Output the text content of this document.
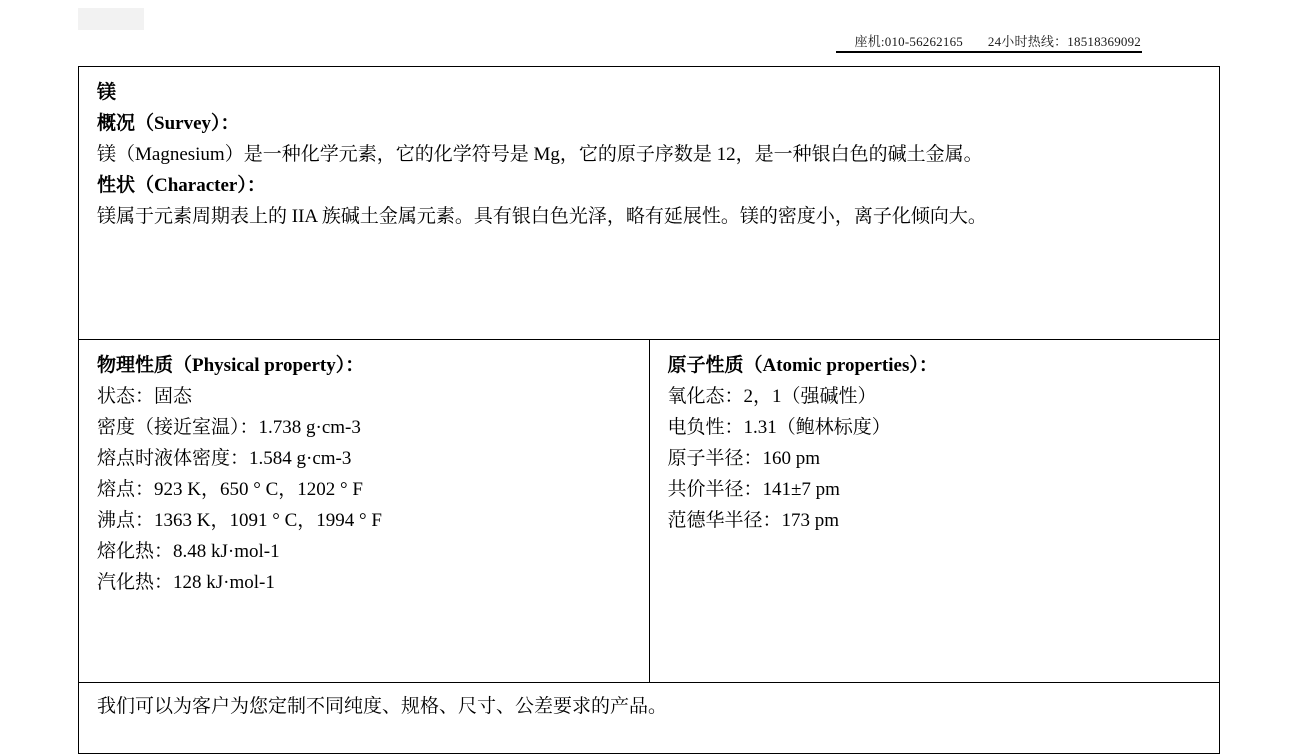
座机:010-56262165 24小时热线：18518369092
镁
概况（Survey）：
镁（Magnesium）是一种化学元素，它的化学符号是 Mg，它的原子序数是 12，是一种银白色的碱土金属。
性状（Character）：
镁属于元素周期表上的 IIA 族碱土金属元素。具有银白色光泽，略有延展性。镁的密度小，离子化倾向大。

物理性质（Physical property）：
状态：固态
密度（接近室温）：1.738 g·cm-3
熔点时液体密度：1.584 g·cm-3
熔点：923 K，650 ° C，1202 ° F
沸点：1363 K，1091 ° C，1994 ° F
熔化热：8.48 kJ·mol-1
汽化热：128 kJ·mol-1

原子性质（Atomic properties）：
氧化态：2，1（强碱性）
电负性：1.31（鲍林标度）
原子半径：160 pm
共价半径：141±7 pm
范德华半径：173 pm

我们可以为客户为您定制不同纯度、规格、尺寸、公差要求的产品。
